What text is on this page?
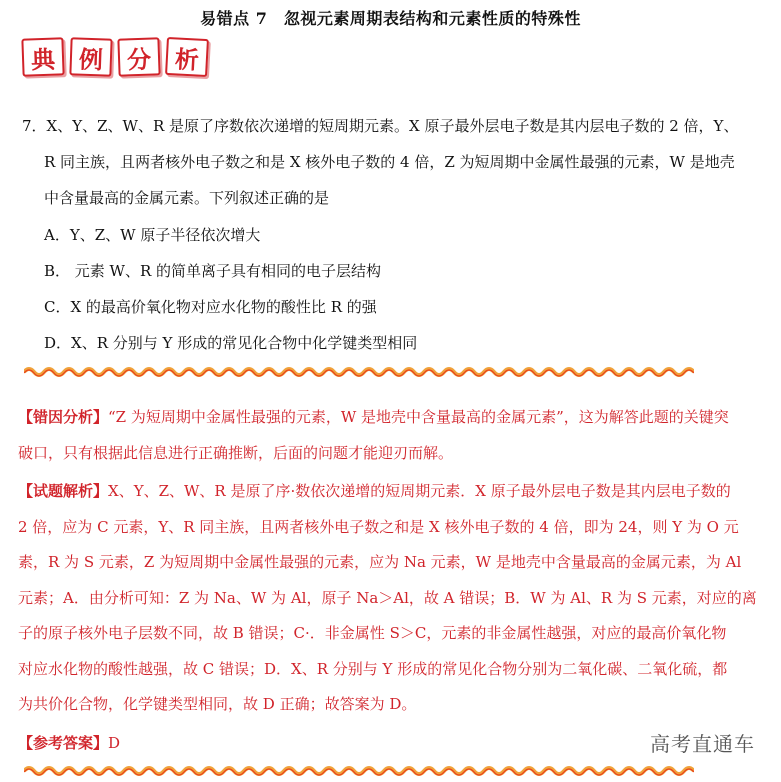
易错点 7　忽视元素周期表结构和元素性质的特殊性
典 例 分 析
7．X、Y、Z、W、R 是原了序数依次递增的短周期元素。X 原子最外层电子数是其内层电子数的 2 倍，Y、
R 同主族，且两者核外电子数之和是 X 核外电子数的 4 倍，Z 为短周期中金属性最强的元素，W 是地壳
中含量最高的金属元素。下列叙述正确的是
A．Y、Z、W 原子半径依次增大
B． 元素 W、R 的简单离子具有相同的电子层结构
C．X 的最高价氧化物对应水化物的酸性比 R 的强
D．X、R 分别与 Y 形成的常见化合物中化学键类型相同
【错因分析】“Z 为短周期中金属性最强的元素，W 是地壳中含量最高的金属元素”，这为解答此题的关键突
破口，只有根据此信息进行正确推断，后面的问题才能迎刃而解。
【试题解析】X、Y、Z、W、R 是原了序·数依次递增的短周期元素．X 原子最外层电子数是其内层电子数的
2 倍，应为 C 元素，Y、R 同主族，且两者核外电子数之和是 X 核外电子数的 4 倍，即为 24，则 Y 为 O 元
素，R 为 S 元素，Z 为短周期中金属性最强的元素，应为 Na 元素，W 是地壳中含量最高的金属元素，为 Al
元素；A．由分析可知：Z 为 Na、W 为 Al，原子 Na＞Al，故 A 错误；B．W 为 Al、R 为 S 元素，对应的离
子的原子核外电子层数不同，故 B 错误；C·．非金属性 S＞C，元素的非金属性越强，对应的最高价氧化物
对应水化物的酸性越强，故 C 错误；D．X、R 分别与 Y 形成的常见化合物分别为二氧化碳、二氧化硫，都
为共价化合物，化学键类型相同，故 D 正确；故答案为 D。
【参考答案】D	高考直通车
